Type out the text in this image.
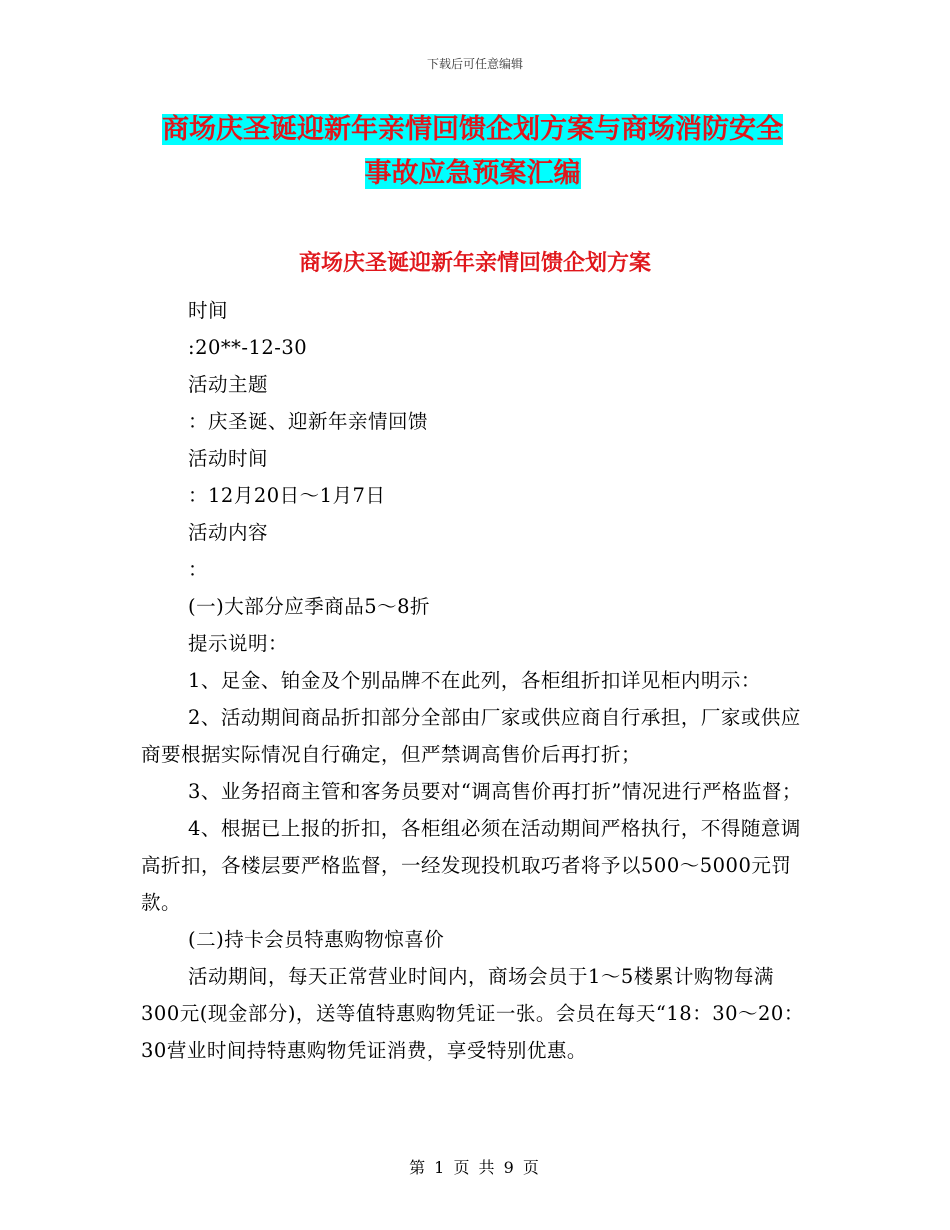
下载后可任意编辑
商场庆圣诞迎新年亲情回馈企划方案与商场消防安全
事故应急预案汇编
商场庆圣诞迎新年亲情回馈企划方案

时间

:20**-12-30

活动主题

：庆圣诞、迎新年亲情回馈

活动时间

：12月20日～1月7日

活动内容

：

(一)大部分应季商品5～8折

提示说明：

1、足金、铂金及个别品牌不在此列，各柜组折扣详见柜内明示：

2、活动期间商品折扣部分全部由厂家或供应商自行承担，厂家或供应商要根据实际情况自行确定，但严禁调高售价后再打折；

3、业务招商主管和客务员要对“调高售价再打折”情况进行严格监督；

4、根据已上报的折扣，各柜组必须在活动期间严格执行，不得随意调高折扣，各楼层要严格监督，一经发现投机取巧者将予以500～5000元罚款。

(二)持卡会员特惠购物惊喜价

活动期间，每天正常营业时间内，商场会员于1～5楼累计购物每满300元(现金部分)，送等值特惠购物凭证一张。会员在每天“18：30～20：30营业时间持特惠购物凭证消费，享受特别优惠。

第 1 页 共 9 页
